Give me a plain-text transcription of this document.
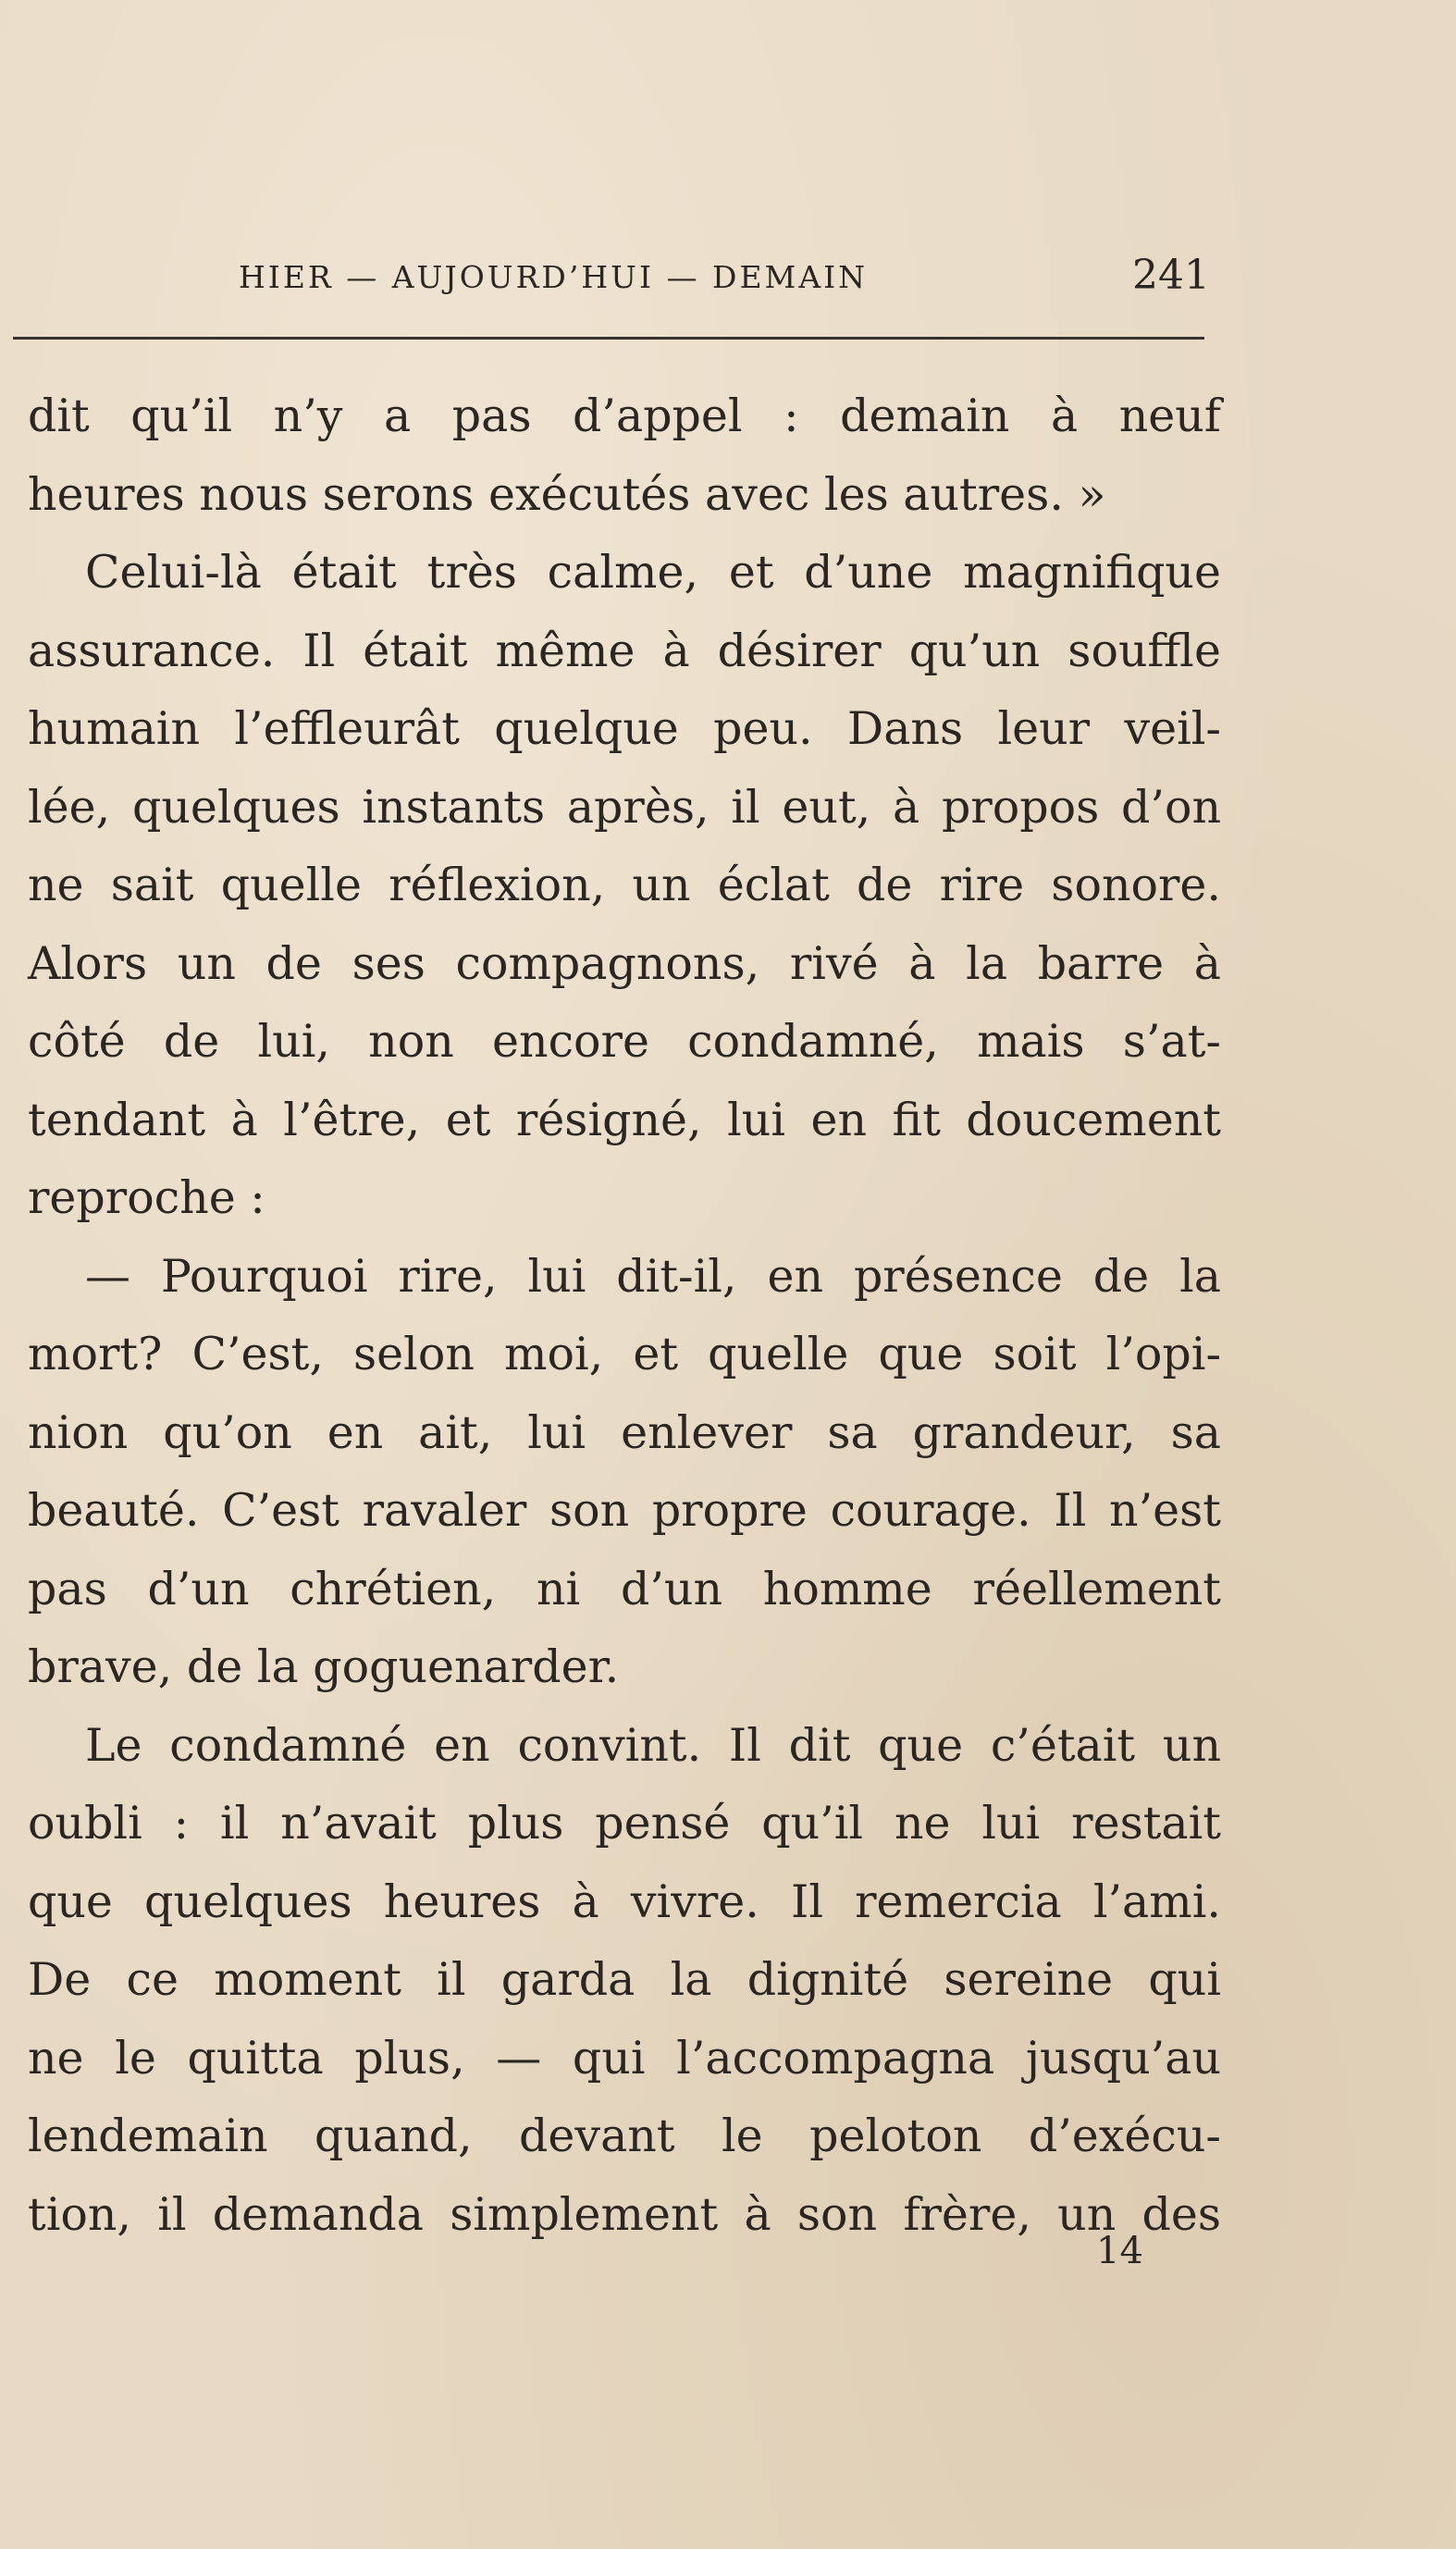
HIER — AUJOURD’HUI — DEMAIN	241
dit qu’il n’y a pas d’appel : demain à neuf
heures nous serons exécutés avec les autres. »
Celui-là était très calme, et d’une magnifique
assurance. Il était même à désirer qu’un souffle
humain l’effleurât quelque peu. Dans leur veil-
lée, quelques instants après, il eut, à propos d’on
ne sait quelle réflexion, un éclat de rire sonore.
Alors un de ses compagnons, rivé à la barre à
côté de lui, non encore condamné, mais s’at-
tendant à l’être, et résigné, lui en fit doucement
reproche :
— Pourquoi rire, lui dit-il, en présence de la
mort? C’est, selon moi, et quelle que soit l’opi-
nion qu’on en ait, lui enlever sa grandeur, sa
beauté. C’est ravaler son propre courage. Il n’est
pas d’un chrétien, ni d’un homme réellement
brave, de la goguenarder.
Le condamné en convint. Il dit que c’était un
oubli : il n’avait plus pensé qu’il ne lui restait
que quelques heures à vivre. Il remercia l’ami.
De ce moment il garda la dignité sereine qui
ne le quitta plus, — qui l’accompagna jusqu’au
lendemain quand, devant le peloton d’exécu-
tion, il demanda simplement à son frère, un des
14
